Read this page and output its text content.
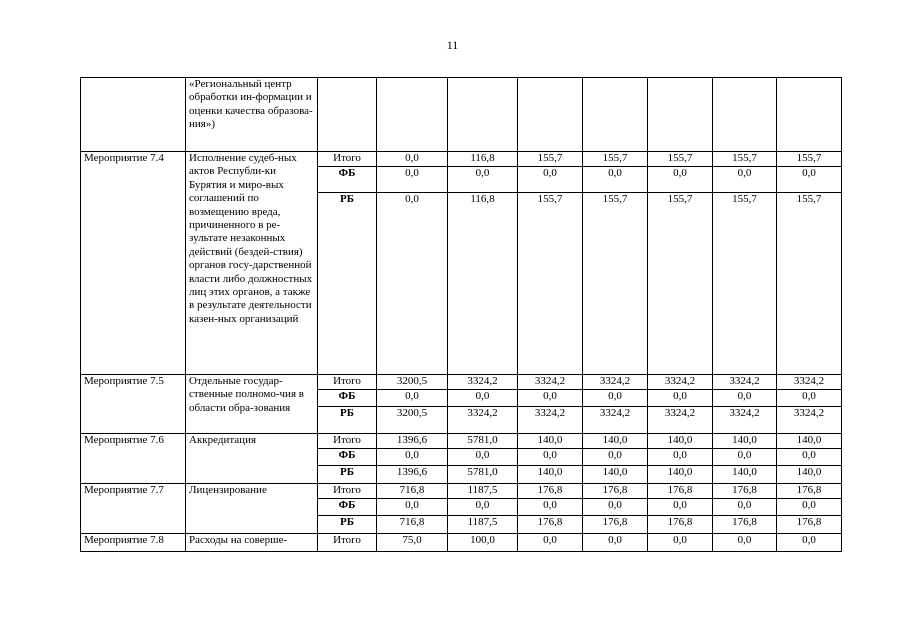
11
	«Региональный центр обработки ин-формации и оценки качества образова-ния»)								
Мероприятие 7.4	Исполнение судеб-ных актов Республи-ки Бурятия и миро-вых соглашений по возмещению вреда, причиненного в ре-зультате незаконных действий (бездей-ствия) органов госу-дарственной власти либо должностных лиц этих органов, а также в результате деятельности казен-ных организаций	Итого	0,0	116,8	155,7	155,7	155,7	155,7	155,7
		ФБ	0,0	0,0	0,0	0,0	0,0	0,0	0,0
		РБ	0,0	116,8	155,7	155,7	155,7	155,7	155,7
Мероприятие 7.5	Отдельные государ-ственные полномо-чия в области обра-зования	Итого	3200,5	3324,2	3324,2	3324,2	3324,2	3324,2	3324,2
		ФБ	0,0	0,0	0,0	0,0	0,0	0,0	0,0
		РБ	3200,5	3324,2	3324,2	3324,2	3324,2	3324,2	3324,2
Мероприятие 7.6	Аккредитация	Итого	1396,6	5781,0	140,0	140,0	140,0	140,0	140,0
		ФБ	0,0	0,0	0,0	0,0	0,0	0,0	0,0
		РБ	1396,6	5781,0	140,0	140,0	140,0	140,0	140,0
Мероприятие 7.7	Лицензирование	Итого	716,8	1187,5	176,8	176,8	176,8	176,8	176,8
		ФБ	0,0	0,0	0,0	0,0	0,0	0,0	0,0
		РБ	716,8	1187,5	176,8	176,8	176,8	176,8	176,8
Мероприятие 7.8	Расходы на соверше-	Итого	75,0	100,0	0,0	0,0	0,0	0,0	0,0
